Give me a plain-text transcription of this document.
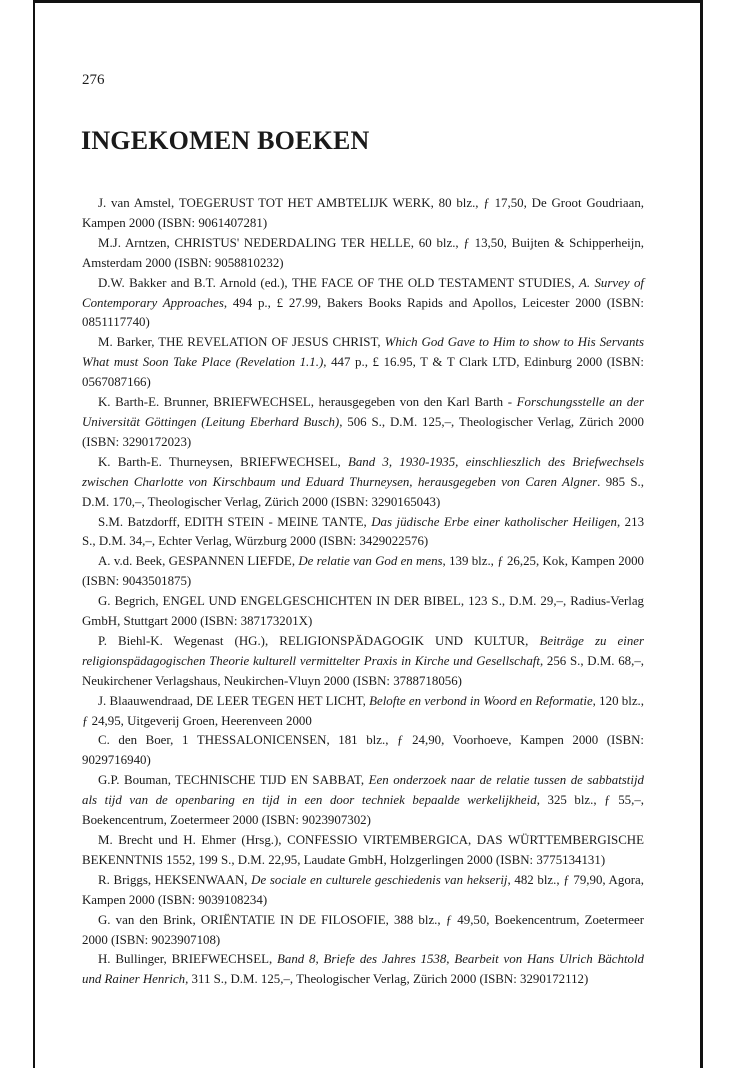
276
INGEKOMEN BOEKEN

J. van Amstel, TOEGERUST TOT HET AMBTELIJK WERK, 80 blz., ƒ 17,50, De Groot Goudriaan, Kampen 2000 (ISBN: 9061407281)

M.J. Arntzen, CHRISTUS' NEDERDALING TER HELLE, 60 blz., ƒ 13,50, Buijten & Schipperheijn, Amsterdam 2000 (ISBN: 9058810232)

D.W. Bakker and B.T. Arnold (ed.), THE FACE OF THE OLD TESTAMENT STUDIES, A. Survey of Contemporary Approaches, 494 p., £ 27.99, Bakers Books Rapids and Apollos, Leicester 2000 (ISBN: 0851117740)

M. Barker, THE REVELATION OF JESUS CHRIST, Which God Gave to Him to show to His Servants What must Soon Take Place (Revelation 1.1.), 447 p., £ 16.95, T & T Clark LTD, Edinburg 2000 (ISBN: 0567087166)

K. Barth-E. Brunner, BRIEFWECHSEL, herausgegeben von den Karl Barth - Forschungsstelle an der Universität Göttingen (Leitung Eberhard Busch), 506 S., D.M. 125,–, Theologischer Verlag, Zürich 2000 (ISBN: 3290172023)

K. Barth-E. Thurneysen, BRIEFWECHSEL, Band 3, 1930-1935, einschlieszlich des Briefwechsels zwischen Charlotte von Kirschbaum und Eduard Thurneysen, herausgegeben von Caren Algner. 985 S., D.M. 170,–, Theologischer Verlag, Zürich 2000 (ISBN: 3290165043)

S.M. Batzdorff, EDITH STEIN - MEINE TANTE, Das jüdische Erbe einer katholischer Heiligen, 213 S., D.M. 34,–, Echter Verlag, Würzburg 2000 (ISBN: 3429022576)

A. v.d. Beek, GESPANNEN LIEFDE, De relatie van God en mens, 139 blz., ƒ 26,25, Kok, Kampen 2000 (ISBN: 9043501875)

G. Begrich, ENGEL UND ENGELGESCHICHTEN IN DER BIBEL, 123 S., D.M. 29,–, Radius-Verlag GmbH, Stuttgart 2000 (ISBN: 387173201X)

P. Biehl-K. Wegenast (HG.), RELIGIONSPÄDAGOGIK UND KULTUR, Beiträge zu einer religionspädagogischen Theorie kulturell vermittelter Praxis in Kirche und Gesellschaft, 256 S., D.M. 68,–, Neukirchener Verlagshaus, Neukirchen-Vluyn 2000 (ISBN: 3788718056)

J. Blaauwendraad, DE LEER TEGEN HET LICHT, Belofte en verbond in Woord en Reformatie, 120 blz., ƒ 24,95, Uitgeverij Groen, Heerenveen 2000

C. den Boer, 1 THESSALONICENSEN, 181 blz., ƒ 24,90, Voorhoeve, Kampen 2000 (ISBN: 9029716940)

G.P. Bouman, TECHNISCHE TIJD EN SABBAT, Een onderzoek naar de relatie tussen de sabbatstijd als tijd van de openbaring en tijd in een door techniek bepaalde werkelijkheid, 325 blz., ƒ 55,–, Boekencentrum, Zoetermeer 2000 (ISBN: 9023907302)

M. Brecht und H. Ehmer (Hrsg.), CONFESSIO VIRTEMBERGICA, DAS WÜRTTEMBERGISCHE BEKENNTNIS 1552, 199 S., D.M. 22,95, Laudate GmbH, Holzgerlingen 2000 (ISBN: 3775134131)

R. Briggs, HEKSENWAAN, De sociale en culturele geschiedenis van hekserij, 482 blz., ƒ 79,90, Agora, Kampen 2000 (ISBN: 9039108234)

G. van den Brink, ORIËNTATIE IN DE FILOSOFIE, 388 blz., ƒ 49,50, Boekencentrum, Zoetermeer 2000 (ISBN: 9023907108)

H. Bullinger, BRIEFWECHSEL, Band 8, Briefe des Jahres 1538, Bearbeit von Hans Ulrich Bächtold und Rainer Henrich, 311 S., D.M. 125,–, Theologischer Verlag, Zürich 2000 (ISBN: 3290172112)
